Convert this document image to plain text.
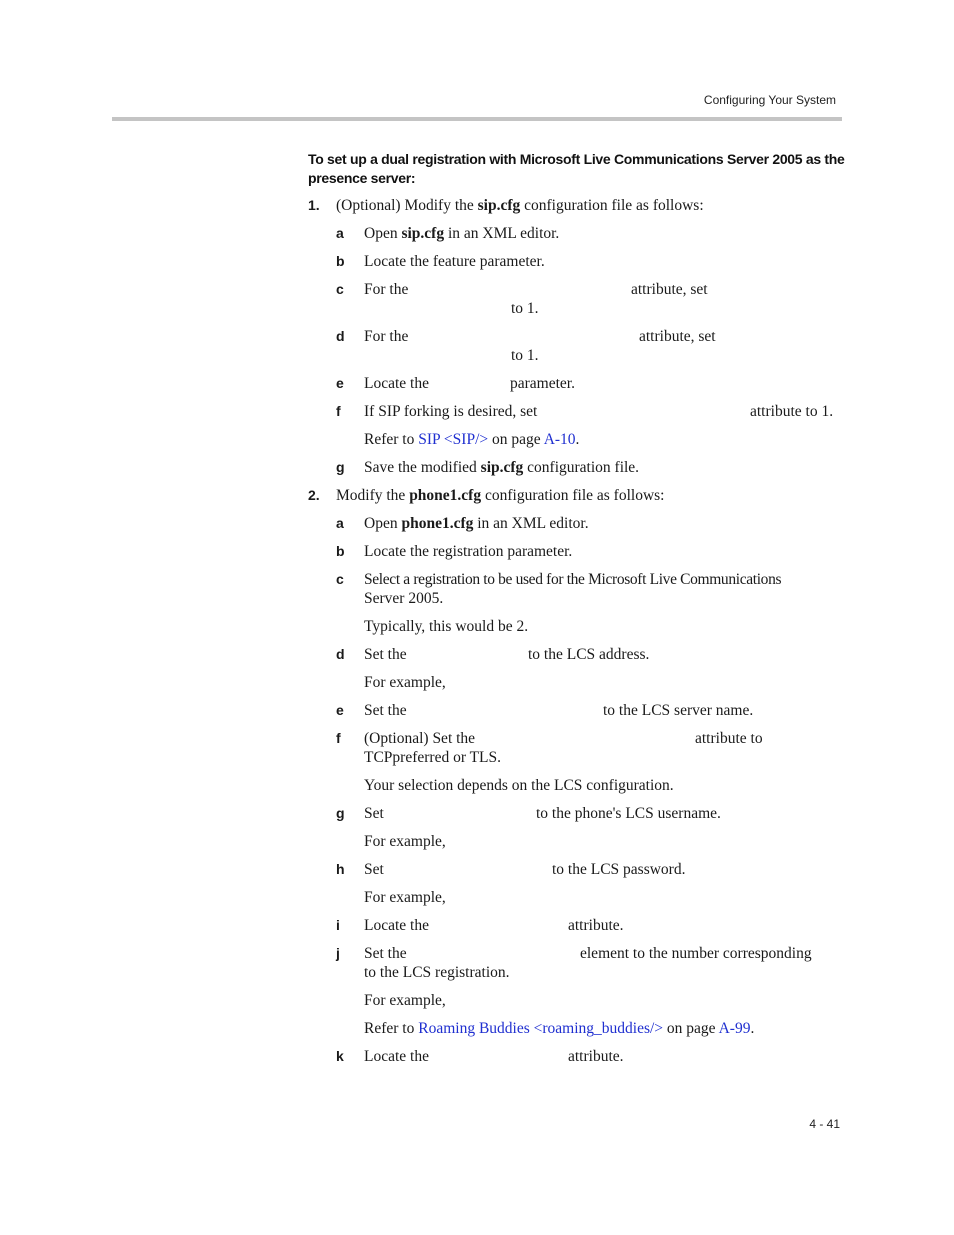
Configuring Your System
To set up a dual registration with Microsoft Live Communications Server 2005 as the presence server:
1. (Optional) Modify the sip.cfg configuration file as follows:
a Open sip.cfg in an XML editor.
b Locate the feature parameter.
c For the	attribute, set
to 1.
d For the	attribute, set
to 1.
e Locate the	parameter.
f If SIP forking is desired, set	attribute to 1.
Refer to SIP <SIP/> on page A-10.
g Save the modified sip.cfg configuration file.
2. Modify the phone1.cfg configuration file as follows:
a Open phone1.cfg in an XML editor.
b Locate the registration parameter.
c Select a registration to be used for the Microsoft Live Communications
Server 2005.
Typically, this would be 2.
d Set the	to the LCS address.
For example,
e Set the	to the LCS server name.
f (Optional) Set the	attribute to
TCPpreferred or TLS.
Your selection depends on the LCS configuration.
g Set	to the phone's LCS username.
For example,
h Set	to the LCS password.
For example,
i Locate the	attribute.
j Set the	element to the number corresponding
to the LCS registration.
For example,
Refer to Roaming Buddies <roaming_buddies/> on page A-99.
k Locate the	attribute.
4 - 41
